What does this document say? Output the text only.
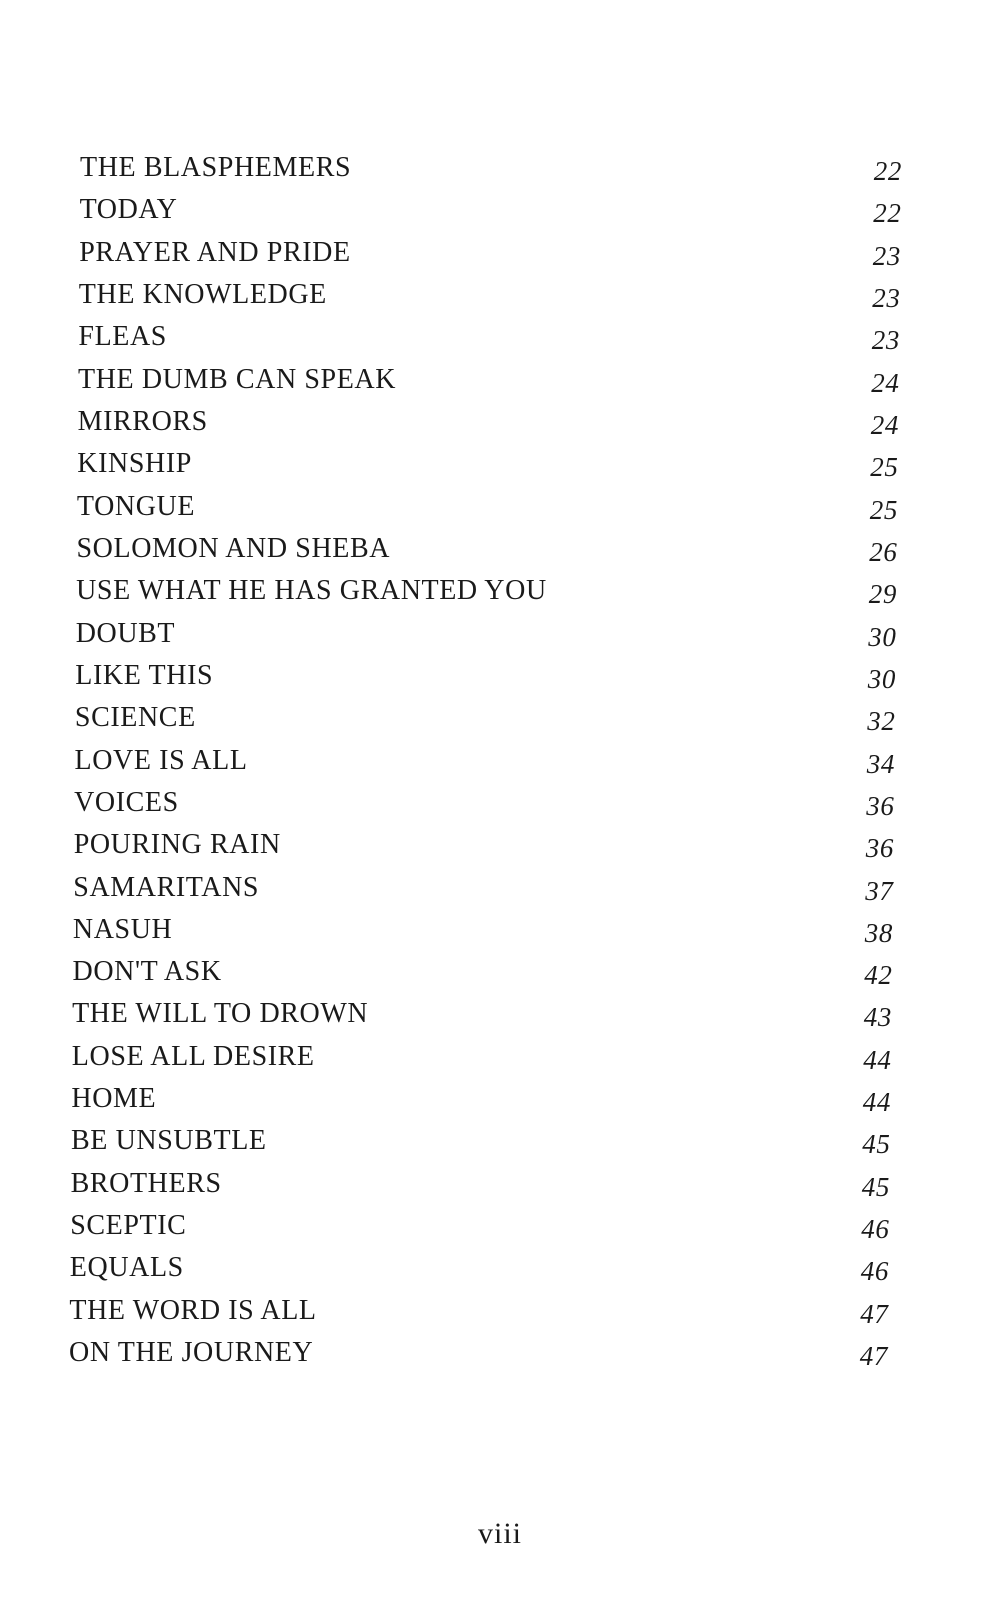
THE BLASPHEMERS	22
TODAY	22
PRAYER AND PRIDE	23
THE KNOWLEDGE	23
FLEAS	23
THE DUMB CAN SPEAK	24
MIRRORS	24
KINSHIP	25
TONGUE	25
SOLOMON AND SHEBA	26
USE WHAT HE HAS GRANTED YOU	29
DOUBT	30
LIKE THIS	30
SCIENCE	32
LOVE IS ALL	34
VOICES	36
POURING RAIN	36
SAMARITANS	37
NASUH	38
DON'T ASK	42
THE WILL TO DROWN	43
LOSE ALL DESIRE	44
HOME	44
BE UNSUBTLE	45
BROTHERS	45
SCEPTIC	46
EQUALS	46
THE WORD IS ALL	47
ON THE JOURNEY	47
viii
